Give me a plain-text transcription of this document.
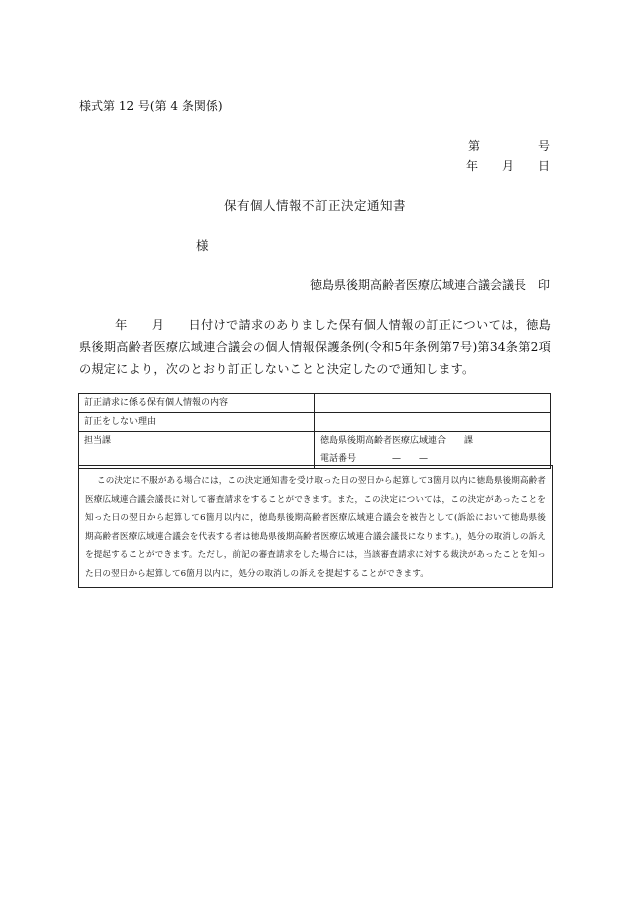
様式第 12 号(第 4 条関係)
第	号
年 月 日
保有個人情報不訂正決定通知書
様
徳島県後期高齢者医療広域連合議会議長　印
年 月 日付けで請求のありました保有個人情報の訂正については，徳島県後期高齢者医療広域連合議会の個人情報保護条例(令和5年条例第7号)第34条第2項の規定により，次のとおり訂正しないことと決定したので通知します。
訂正請求に係る保有個人情報の内容	
訂正をしない理由	
担当課	徳島県後期高齢者医療広域連合　　課
電話番号　　　　—　　—
この決定に不服がある場合には，この決定通知書を受け取った日の翌日から起算して3箇月以内に徳島県後期高齢者医療広域連合議会議長に対して審査請求をすることができます。また，この決定については，この決定があったことを知った日の翌日から起算して6箇月以内に，徳島県後期高齢者医療広域連合議会を被告として(訴訟において徳島県後期高齢者医療広域連合議会を代表する者は徳島県後期高齢者医療広域連合議会議長になります。)，処分の取消しの訴えを提起することができます。ただし，前記の審査請求をした場合には，当該審査請求に対する裁決があったことを知った日の翌日から起算して6箇月以内に，処分の取消しの訴えを提起することができます。
